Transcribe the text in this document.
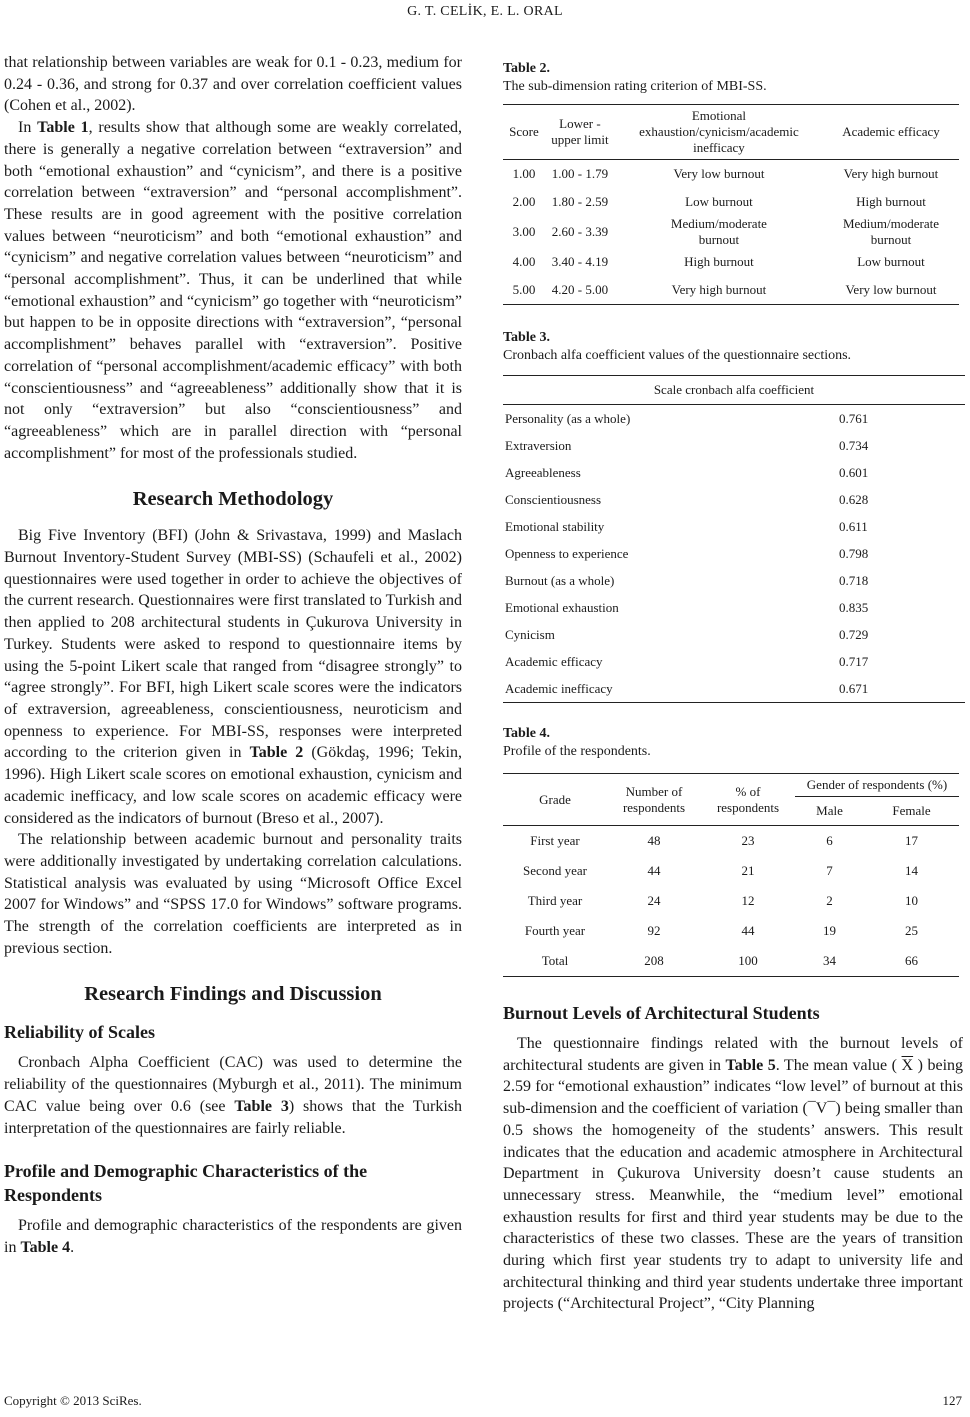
G. T. CELİK, E. L. ORAL

that relationship between variables are weak for 0.1 - 0.23, medium for 0.24 - 0.36, and strong for 0.37 and over correlation coefficient values (Cohen et al., 2002).

In Table 1, results show that although some are weakly correlated, there is generally a negative correlation between “extraversion” and both “emotional exhaustion” and “cynicism”, and there is a positive correlation between “extraversion” and “personal accomplishment”. These results are in good agreement with the positive correlation values between “neuroticism” and both “emotional exhaustion” and “cynicism” and negative correlation values between “neuroticism” and “personal accomplishment”. Thus, it can be underlined that while “emotional exhaustion” and “cynicism” go together with “neuroticism” but happen to be in opposite directions with “extraversion”, “personal accomplishment” behaves parallel with “extraversion”. Positive correlation of “personal accomplishment/academic efficacy” with both “conscientiousness” and “agreeableness” additionally show that it is not only “extraversion” but also “conscientiousness” and “agreeableness” which are in parallel direction with “personal accomplishment” for most of the professionals studied.

Research Methodology

Big Five Inventory (BFI) (John & Srivastava, 1999) and Maslach Burnout Inventory-Student Survey (MBI-SS) (Schaufeli et al., 2002) questionnaires were used together in order to achieve the objectives of the current research. Questionnaires were first translated to Turkish and then applied to 208 architectural students in Çukurova University in Turkey. Students were asked to respond to questionnaire items by using the 5-point Likert scale that ranged from “disagree strongly” to “agree strongly”. For BFI, high Likert scale scores were the indicators of extraversion, agreeableness, conscientiousness, neuroticism and openness to experience. For MBI-SS, responses were interpreted according to the criterion given in Table 2 (Gökdaş, 1996; Tekin, 1996). High Likert scale scores on emotional exhaustion, cynicism and academic inefficacy, and low scale scores on academic efficacy were considered as the indicators of burnout (Breso et al., 2007).

The relationship between academic burnout and personality traits were additionally investigated by undertaking correlation calculations. Statistical analysis was evaluated by using “Microsoft Office Excel 2007 for Windows” and “SPSS 17.0 for Windows” software programs. The strength of the correlation coefficients are interpreted as in previous section.

Research Findings and Discussion
Reliability of Scales

Cronbach Alpha Coefficient (CAC) was used to determine the reliability of the questionnaires (Myburgh et al., 2011). The minimum CAC value being over 0.6 (see Table 3) shows that the Turkish interpretation of the questionnaires are fairly reliable.

Profile and Demographic Characteristics of the Respondents

Profile and demographic characteristics of the respondents are given in Table 4.

Table 2.
The sub-dimension rating criterion of MBI-SS.
Score	Lower - upper limit	Emotional exhaustion/cynicism/academic inefficacy	Academic efficacy
1.00	1.00 - 1.79	Very low burnout	Very high burnout
2.00	1.80 - 2.59	Low burnout	High burnout
3.00	2.60 - 3.39	Medium/moderate burnout	Medium/moderate burnout
4.00	3.40 - 4.19	High burnout	Low burnout
5.00	4.20 - 5.00	Very high burnout	Very low burnout
Table 3.
Cronbach alfa coefficient values of the questionnaire sections.
Scale cronbach alfa coefficient	
Personality (as a whole)	0.761
Extraversion	0.734
Agreeableness	0.601
Conscientiousness	0.628
Emotional stability	0.611
Openness to experience	0.798
Burnout (as a whole)	0.718
Emotional exhaustion	0.835
Cynicism	0.729
Academic efficacy	0.717
Academic inefficacy	0.671
Table 4.
Profile of the respondents.
Grade	Number of respondents	% of respondents	Gender of respondents (%)	
			Male	Female
First year	48	23	6	17
Second year	44	21	7	14
Third year	24	12	2	10
Fourth year	92	44	19	25
Total	208	100	34	66
Burnout Levels of Architectural Students

The questionnaire findings related with the burnout levels of architectural students are given in Table 5. The mean value ( $\overline{X}$ ) being 2.59 for “emotional exhaustion” indicates “low level” of burnout at this sub-dimension and the coefficient of variation (¯V¯) being smaller than 0.5 shows the homogeneity of the students’ answers. This result indicates that the education and academic atmosphere in Architectural Department in Çukurova University doesn’t cause students an unnecessary stress. Meanwhile, the “medium level” emotional exhaustion results for first and third year students may be due to the characteristics of these two classes. These are the years of transition during which first year students try to adapt to university life and architectural thinking and third year students undertake three important projects (“Architectural Project”, “City Planning

Copyright © 2013 SciRes.	127
